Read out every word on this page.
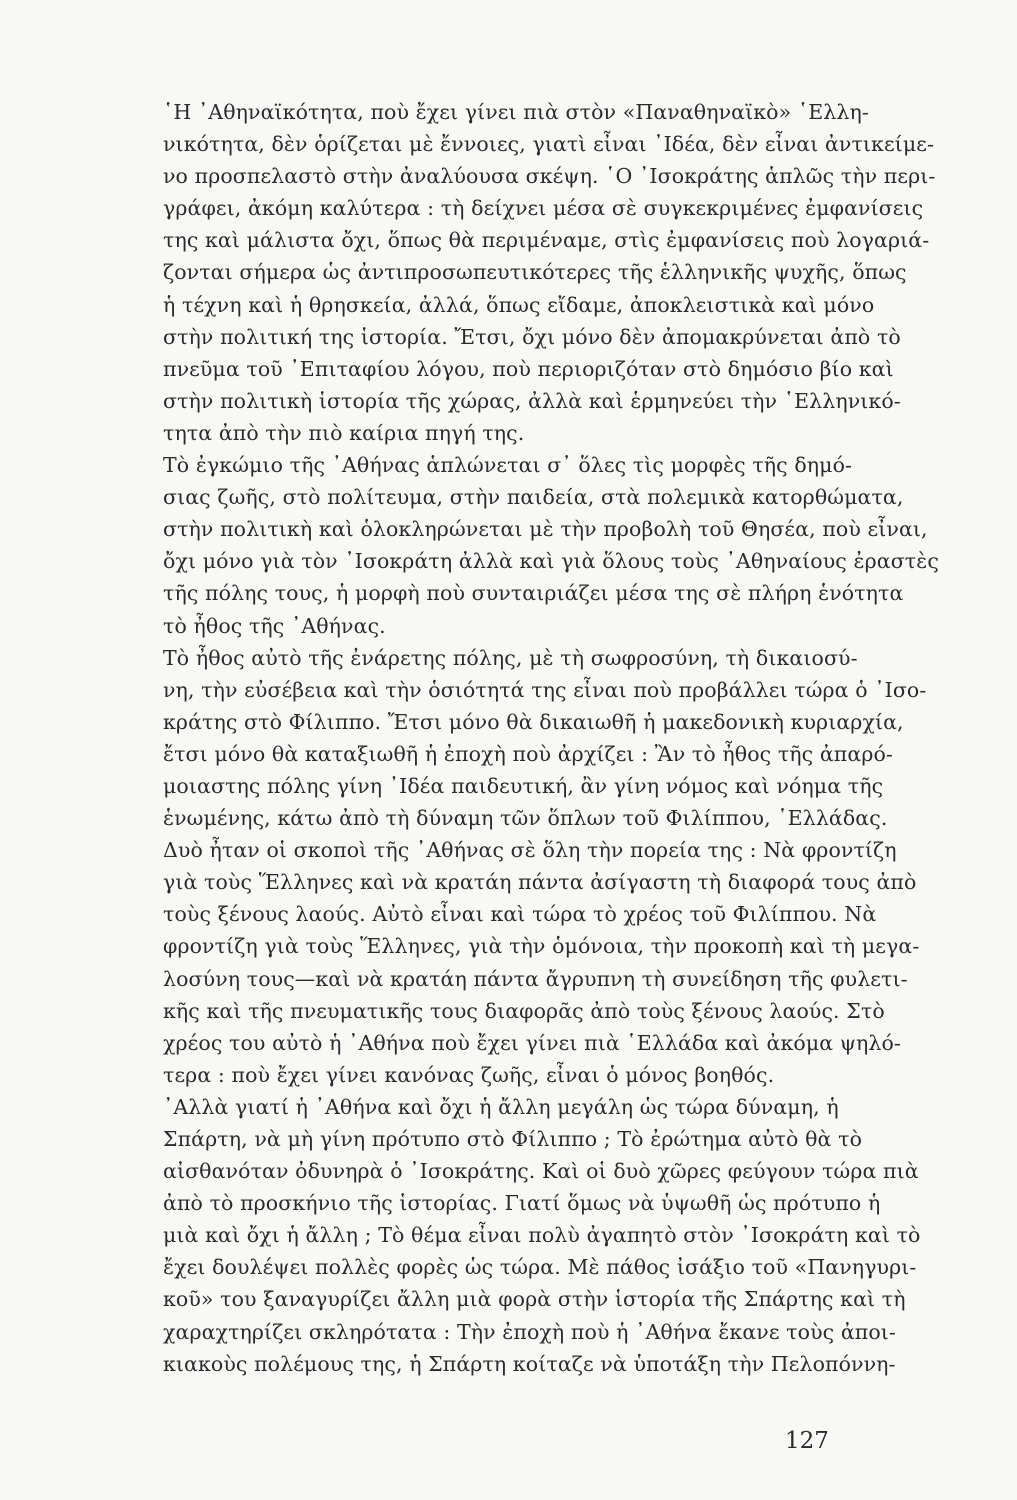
῾Η ᾿Αθηναϊκότητα, ποὺ ἔχει γίνει πιὰ στὸν «Παναθηναϊκὸ» ῾Ελλη-
νικότητα, δὲν ὁρίζεται μὲ ἔννοιες, γιατὶ εἶναι ᾿Ιδέα, δὲν εἶναι ἀντικείμε-
νο προσπελαστὸ στὴν ἀναλύουσα σκέψη. ῾Ο ᾿Ισοκράτης ἁπλῶς τὴν περι-
γράφει, ἀκόμη καλύτερα : τὴ δείχνει μέσα σὲ συγκεκριμένες ἐμφανίσεις
της καὶ μάλιστα ὄχι, ὅπως θὰ περιμέναμε, στὶς ἐμφανίσεις ποὺ λογαριά-
ζονται σήμερα ὡς ἀντιπροσωπευτικότερες τῆς ἑλληνικῆς ψυχῆς, ὅπως
ἡ τέχνη καὶ ἡ θρησκεία, ἀλλά, ὅπως εἴδαμε, ἀποκλειστικὰ καὶ μόνο
στὴν πολιτική της ἱστορία. Ἔτσι, ὄχι μόνο δὲν ἀπομακρύνεται ἀπὸ τὸ
πνεῦμα τοῦ ᾿Επιταφίου λόγου, ποὺ περιοριζόταν στὸ δημόσιο βίο καὶ
στὴν πολιτικὴ ἱστορία τῆς χώρας, ἀλλὰ καὶ ἑρμηνεύει τὴν ῾Ελληνικό-
τητα ἀπὸ τὴν πιὸ καίρια πηγή της.
Τὸ ἐγκώμιο τῆς ᾿Αθήνας ἁπλώνεται σ᾿ ὅλες τὶς μορφὲς τῆς δημό-
σιας ζωῆς, στὸ πολίτευμα, στὴν παιδεία, στὰ πολεμικὰ κατορθώματα,
στὴν πολιτικὴ καὶ ὁλοκληρώνεται μὲ τὴν προβολὴ τοῦ Θησέα, ποὺ εἶναι,
ὄχι μόνο γιὰ τὸν ᾿Ισοκράτη ἀλλὰ καὶ γιὰ ὅλους τοὺς ᾿Αθηναίους ἐραστὲς
τῆς πόλης τους, ἡ μορφὴ ποὺ συνταιριάζει μέσα της σὲ πλήρη ἑνότητα
τὸ ἦθος τῆς ᾿Αθήνας.
Τὸ ἦθος αὐτὸ τῆς ἐνάρετης πόλης, μὲ τὴ σωφροσύνη, τὴ δικαιοσύ-
νη, τὴν εὐσέβεια καὶ τὴν ὁσιότητά της εἶναι ποὺ προβάλλει τώρα ὁ ᾿Ισο-
κράτης στὸ Φίλιππο. Ἔτσι μόνο θὰ δικαιωθῆ ἡ μακεδονικὴ κυριαρχία,
ἔτσι μόνο θὰ καταξιωθῆ ἡ ἐποχὴ ποὺ ἀρχίζει : Ἂν τὸ ἦθος τῆς ἀπαρό-
μοιαστης πόλης γίνη ᾿Ιδέα παιδευτική, ἂν γίνη νόμος καὶ νόημα τῆς
ἑνωμένης, κάτω ἀπὸ τὴ δύναμη τῶν ὅπλων τοῦ Φιλίππου, ῾Ελλάδας.
Δυὸ ἦταν οἱ σκοποὶ τῆς ᾿Αθήνας σὲ ὅλη τὴν πορεία της : Νὰ φροντίζη
γιὰ τοὺς Ἕλληνες καὶ νὰ κρατάη πάντα ἀσίγαστη τὴ διαφορά τους ἀπὸ
τοὺς ξένους λαούς. Αὐτὸ εἶναι καὶ τώρα τὸ χρέος τοῦ Φιλίππου. Νὰ
φροντίζη γιὰ τοὺς Ἕλληνες, γιὰ τὴν ὁμόνοια, τὴν προκοπὴ καὶ τὴ μεγα-
λοσύνη τους—καὶ νὰ κρατάη πάντα ἄγρυπνη τὴ συνείδηση τῆς φυλετι-
κῆς καὶ τῆς πνευματικῆς τους διαφορᾶς ἀπὸ τοὺς ξένους λαούς. Στὸ
χρέος του αὐτὸ ἡ ᾿Αθήνα ποὺ ἔχει γίνει πιὰ ῾Ελλάδα καὶ ἀκόμα ψηλό-
τερα : ποὺ ἔχει γίνει κανόνας ζωῆς, εἶναι ὁ μόνος βοηθός.
᾿Αλλὰ γιατί ἡ ᾿Αθήνα καὶ ὄχι ἡ ἄλλη μεγάλη ὡς τώρα δύναμη, ἡ
Σπάρτη, νὰ μὴ γίνη πρότυπο στὸ Φίλιππο ; Τὸ ἐρώτημα αὐτὸ θὰ τὸ
αἰσθανόταν ὀδυνηρὰ ὁ ᾿Ισοκράτης. Καὶ οἱ δυὸ χῶρες φεύγουν τώρα πιὰ
ἀπὸ τὸ προσκήνιο τῆς ἱστορίας. Γιατί ὅμως νὰ ὑψωθῆ ὡς πρότυπο ἡ
μιὰ καὶ ὄχι ἡ ἄλλη ; Τὸ θέμα εἶναι πολὺ ἀγαπητὸ στὸν ᾿Ισοκράτη καὶ τὸ
ἔχει δουλέψει πολλὲς φορὲς ὡς τώρα. Μὲ πάθος ἰσάξιο τοῦ «Πανηγυρι-
κοῦ» του ξαναγυρίζει ἄλλη μιὰ φορὰ στὴν ἱστορία τῆς Σπάρτης καὶ τὴ
χαραχτηρίζει σκληρότατα : Τὴν ἐποχὴ ποὺ ἡ ᾿Αθήνα ἔκανε τοὺς ἀποι-
κιακοὺς πολέμους της, ἡ Σπάρτη κοίταζε νὰ ὑποτάξη τὴν Πελοπόννη-
127
